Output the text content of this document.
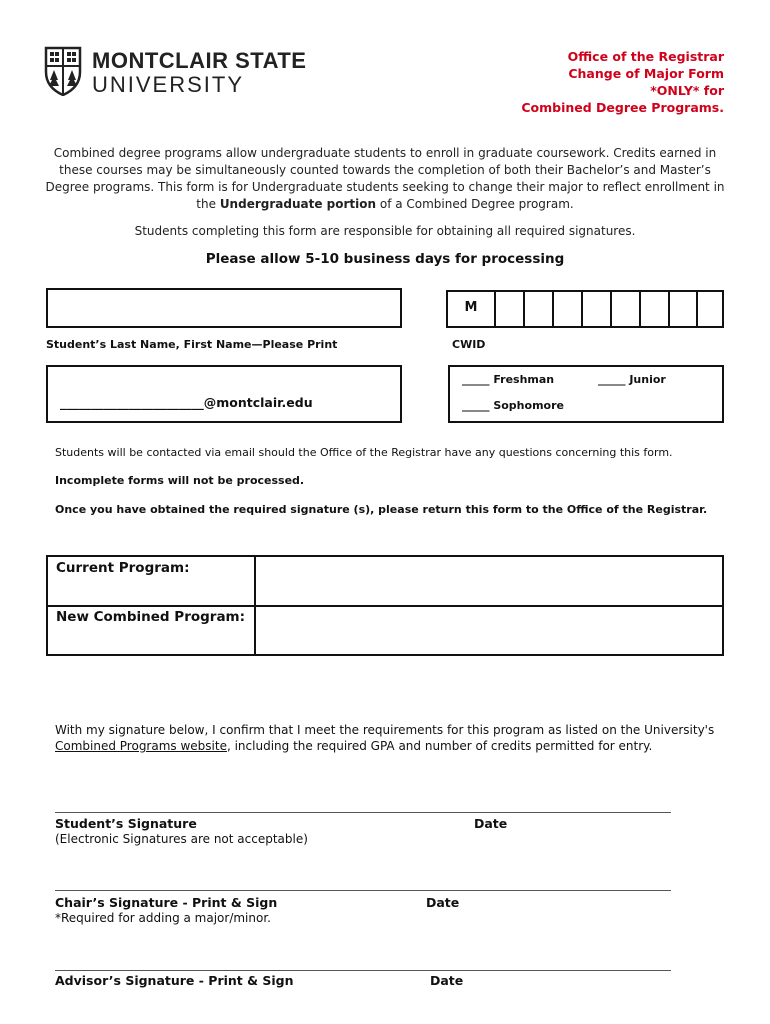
MONTCLAIR STATE
UNIVERSITY
Office of the Registrar
Change of Major Form
*ONLY* for
Combined Degree Programs.
Combined degree programs allow undergraduate students to enroll in graduate coursework. Credits earned in these courses may be simultaneously counted towards the completion of both their Bachelor’s and Master’s Degree programs. This form is for Undergraduate students seeking to change their major to reflect enrollment in the Undergraduate portion of a Combined Degree program.
Students completing this form are responsible for obtaining all required signatures.
Please allow 5-10 business days for processing
Student’s Last Name, First Name—Please Print
M
CWID
_______________________@montclair.edu
_____ Freshman	_____ Junior
_____ Sophomore
Students will be contacted via email should the Office of the Registrar have any questions concerning this form.
Incomplete forms will not be processed.
Once you have obtained the required signature (s), please return this form to the Office of the Registrar.
Current Program:
New Combined Program:
With my signature below, I confirm that I meet the requirements for this program as listed on the University's Combined Programs website, including the required GPA and number of credits permitted for entry.
Student’s Signature
(Electronic Signatures are not acceptable)
Date
Chair’s Signature - Print & Sign
*Required for adding a major/minor.
Date
Advisor’s Signature - Print & Sign	Date
